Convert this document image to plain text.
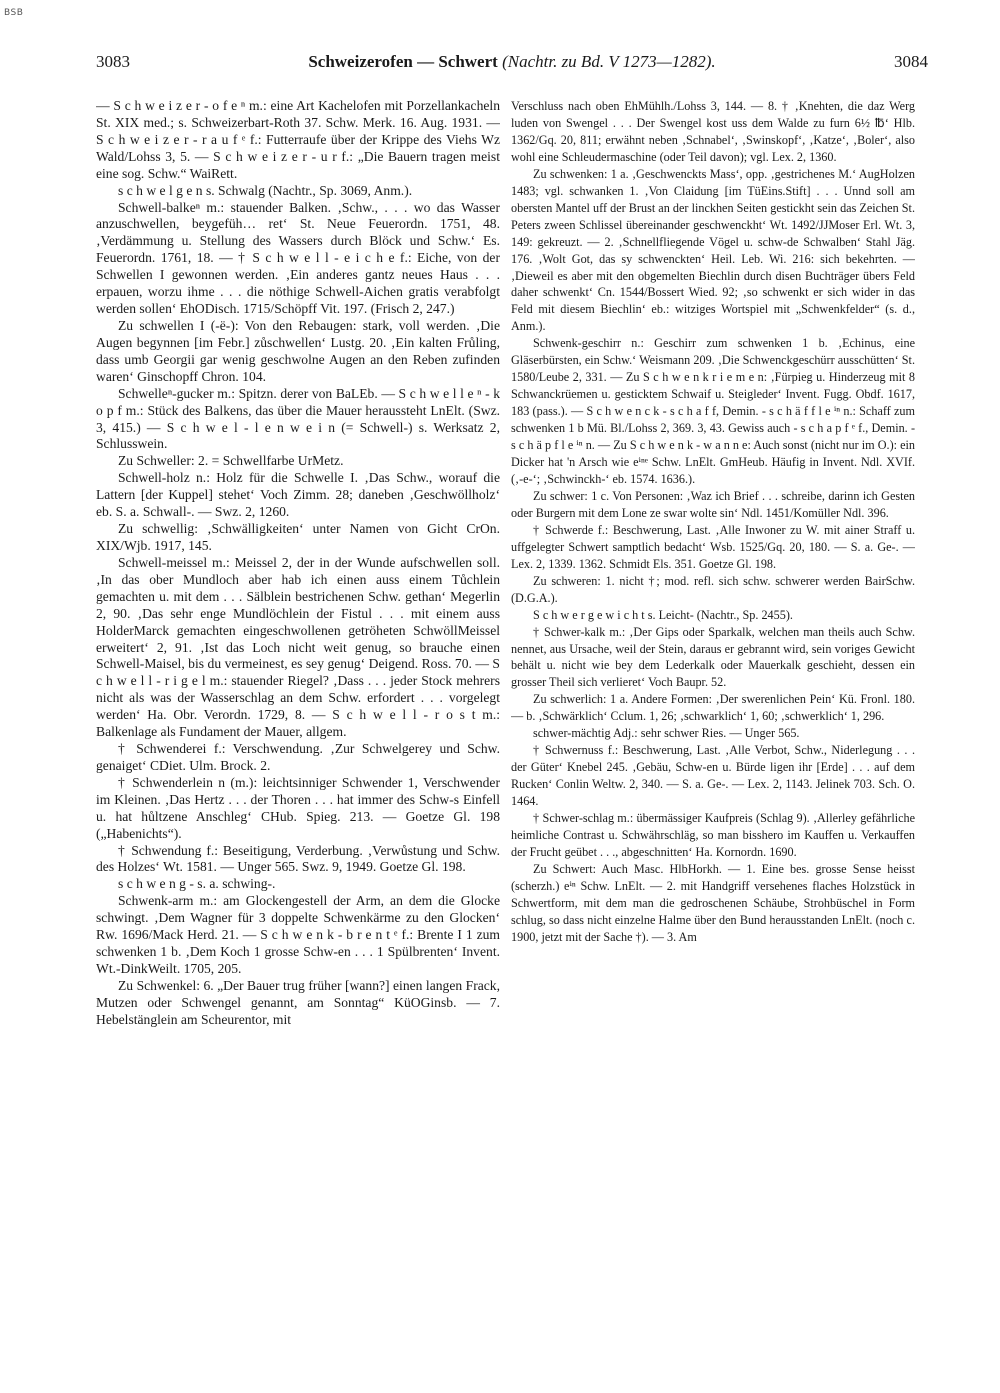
BSB
3083	Schweizerofen — Schwert (Nachtr. zu Bd. V 1273—1282).	3084

— S c h w e i z e r - o f e ⁿ m.: eine Art Kachelofen mit Porzellankacheln St. XIX med.; s. Schweizerbart-Roth 37. Schw. Merk. 16. Aug. 1931. — S c h w e i z e r - r a u f ᵉ f.: Futterraufe über der Krippe des Viehs Wz Wald/Lohss 3, 5. — S c h w e i z e r - u r f.: „Die Bauern tragen meist eine sog. Schw.“ WaiRett.

s c h w e l g e n s. Schwalg (Nachtr., Sp. 3069, Anm.).

Schwell-balkeⁿ m.: stauender Balken. ‚Schw., . . . wo das Wasser anzuschwellen, beygefüh… ret‘ St. Neue Feuerordn. 1751, 48. ‚Verdämmung u. Stellung des Wassers durch Blöck und Schw.‘ Es. Feuerordn. 1761, 18. — † S c h w e l l - e i c h e f.: Eiche, von der Schwellen I gewonnen werden. ‚Ein anderes gantz neues Haus . . . erpauen, worzu ihme . . . die nöthige Schwell-Aichen gratis verabfolgt werden sollen‘ EhODisch. 1715/Schöpff Vit. 197. (Frisch 2, 247.)

Zu schwellen I (-ë-): Von den Rebaugen: stark, voll werden. ‚Die Augen begynnen [im Febr.] zůschwellen‘ Lustg. 20. ‚Ein kalten Frůling, dass umb Georgii gar wenig geschwolne Augen an den Reben zufinden waren‘ Ginschopff Chron. 104.

Schwelleⁿ-gucker m.: Spitzn. derer von BaLEb. — S c h w e l l e ⁿ - k o p f m.: Stück des Balkens, das über die Mauer heraussteht LnElt. (Swz. 3, 415.) — S c h w e l - l e n w e i n (= Schwell-) s. Werksatz 2, Schlusswein.

Zu Schweller: 2. = Schwellfarbe UrMetz.

Schwell-holz n.: Holz für die Schwelle I. ‚Das Schw., worauf die Lattern [der Kuppel] stehet‘ Voch Zimm. 28; daneben ‚Geschwöllholz‘ eb. S. a. Schwall-. — Swz. 2, 1260.

Zu schwellig: ‚Schwälligkeiten‘ unter Namen von Gicht CrOn. XIX/Wjb. 1917, 145.

Schwell-meissel m.: Meissel 2, der in der Wunde aufschwellen soll. ‚In das ober Mundloch aber hab ich einen auss einem Tůchlein gemachten u. mit dem . . . Sälblein bestrichenen Schw. gethan‘ Megerlin 2, 90. ‚Das sehr enge Mundlöchlein der Fistul . . . mit einem auss HolderMarck gemachten eingeschwollenen getröheten SchwöllMeissel erweitert‘ 2, 91. ‚Ist das Loch nicht weit genug, so brauche einen Schwell-Maisel, bis du vermeinest, es sey genug‘ Deigend. Ross. 70. — S c h w e l l - r i g e l m.: stauender Riegel? ‚Dass . . . jeder Stock mehrers nicht als was der Wasserschlag an dem Schw. erfordert . . . vorgelegt werden‘ Ha. Obr. Verordn. 1729, 8. — S c h w e l l - r o s t m.: Balkenlage als Fundament der Mauer, allgem.

† Schwenderei f.: Verschwendung. ‚Zur Schwelgerey und Schw. genaiget‘ CDiet. Ulm. Brock. 2.

† Schwenderlein n (m.): leichtsinniger Schwender 1, Verschwender im Kleinen. ‚Das Hertz . . . der Thoren . . . hat immer des Schw-s Einfell u. hat hůltzene Anschleg‘ CHub. Spieg. 213. — Goetze Gl. 198 („Habenichts“).

† Schwendung f.: Beseitigung, Verderbung. ‚Verwůstung und Schw. des Holzes‘ Wt. 1581. — Unger 565. Swz. 9, 1949. Goetze Gl. 198.

s c h w e n g - s. a. schwing-.

Schwenk-arm m.: am Glockengestell der Arm, an dem die Glocke schwingt. ‚Dem Wagner für 3 doppelte Schwenkärme zu den Glocken‘ Rw. 1696/Mack Herd. 21. — S c h w e n k - b r e n t ᵉ f.: Brente I 1 zum schwenken 1 b. ‚Dem Koch 1 grosse Schw-en . . . 1 Spülbrenten‘ Invent. Wt.-DinkWeilt. 1705, 205.

Zu Schwenkel: 6. „Der Bauer trug früher [wann?] einen langen Frack, Mutzen oder Schwengel genannt, am Sonntag“ KüOGinsb. — 7. Hebelstänglein am Scheurentor, mit

Verschluss nach oben EhMühlh./Lohss 3, 144. — 8. † ‚Knehten, die daz Werg luden von Swengel . . . Der Swengel kost uss dem Walde zu furn 6½ ℔‘ Hlb. 1362/Gq. 20, 811; erwähnt neben ‚Schnabel‘, ‚Swinskopf‘, ‚Katze‘, ‚Boler‘, also wohl eine Schleudermaschine (oder Teil davon); vgl. Lex. 2, 1360.

Zu schwenken: 1 a. ‚Geschwenckts Mass‘, opp. ‚gestrichenes M.‘ AugHolzen 1483; vgl. schwanken 1. ‚Von Claidung [im TüEins.Stift] . . . Unnd soll am obersten Mantel uff der Brust an der linckhen Seiten gestickht sein das Zeichen St. Peters zween Schlissel übereinander geschwenckht‘ Wt. 1492/JJMoser Erl. Wt. 3, 149: gekreuzt. — 2. ‚Schnellfliegende Vögel u. schw-de Schwalben‘ Stahl Jäg. 176. ‚Wolt Got, das sy schwenckten‘ Heil. Leb. Wi. 216: sich bekehrten. — ‚Dieweil es aber mit den obgemelten Biechlin durch disen Buchträger übers Feld daher schwenkt‘ Cn. 1544/Bossert Wied. 92; ‚so schwenkt er sich wider in das Feld mit diesem Biechlin‘ eb.: witziges Wortspiel mit „Schwenkfelder“ (s. d., Anm.).

Schwenk-geschirr n.: Geschirr zum schwenken 1 b. ‚Echinus, eine Gläserbürsten, ein Schw.‘ Weismann 209. ‚Die Schwenckgeschürr ausschütten‘ St. 1580/Leube 2, 331. — Zu S c h w e n k r i e m e n: ‚Fürpieg u. Hinderzeug mit 8 Schwanckrüemen u. gesticktem Schwaif u. Steigleder‘ Invent. Fugg. Obdf. 1617, 183 (pass.). — S c h w e n c k - s c h a f f, Demin. - s c h ä f f l e ⁱⁿ n.: Schaff zum schwenken 1 b Mü. Bl./Lohss 2, 369. 3, 43. Gewiss auch - s c h a p f ᵉ f., Demin. - s c h ä p f l e ⁱⁿ n. — Zu S c h w e n k - w a n n e: Auch sonst (nicht nur im O.): ein Dicker hat 'n Arsch wie eⁱⁿᵉ Schw. LnElt. GmHeub. Häufig in Invent. Ndl. XVIf. (‚-e-‘; ‚Schwinckh-‘ eb. 1574. 1636.).

Zu schwer: 1 c. Von Personen: ‚Waz ich Brief . . . schreibe, darinn ich Gesten oder Burgern mit dem Lone ze swar wolte sin‘ Ndl. 1451/Komüller Ndl. 396.

† Schwerde f.: Beschwerung, Last. ‚Alle Inwoner zu W. mit ainer Straff u. uffgelegter Schwert samptlich bedacht‘ Wsb. 1525/Gq. 20, 180. — S. a. Ge-. — Lex. 2, 1339. 1362. Schmidt Els. 351. Goetze Gl. 198.

Zu schweren: 1. nicht †; mod. refl. sich schw. schwerer werden BairSchw. (D.G.A.).

S c h w e r g e w i c h t s. Leicht- (Nachtr., Sp. 2455).

† Schwer-kalk m.: ‚Der Gips oder Sparkalk, welchen man theils auch Schw. nennet, aus Ursache, weil der Stein, daraus er gebrannt wird, sein voriges Gewicht behält u. nicht wie bey dem Lederkalk oder Mauerkalk geschieht, dessen ein grosser Theil sich verlieret‘ Voch Baupr. 52.

Zu schwerlich: 1 a. Andere Formen: ‚Der swerenlichen Pein‘ Kü. Fronl. 180. — b. ‚Schwärklich‘ Cclum. 1, 26; ‚schwarklich‘ 1, 60; ‚schwerklich‘ 1, 296.

schwer-mächtig Adj.: sehr schwer Ries. — Unger 565.

† Schwernuss f.: Beschwerung, Last. ‚Alle Verbot, Schw., Niderlegung . . . der Güter‘ Knebel 245. ‚Gebäu, Schw-en u. Bürde ligen ihr [Erde] . . . auf dem Rucken‘ Conlin Weltw. 2, 340. — S. a. Ge-. — Lex. 2, 1143. Jelinek 703. Sch. O. 1464.

† Schwer-schlag m.: übermässiger Kaufpreis (Schlag 9). ‚Allerley gefährliche heimliche Contrast u. Schwährschläg, so man bisshero im Kauffen u. Verkauffen der Frucht geübet . . ., abgeschnitten‘ Ha. Kornordn. 1690.

Zu Schwert: Auch Masc. HlbHorkh. — 1. Eine bes. grosse Sense heisst (scherzh.) eⁱⁿ Schw. LnElt. — 2. mit Handgriff versehenes flaches Holzstück in Schwertform, mit dem man die gedroschenen Schäube, Strohbüschel in Form schlug, so dass nicht einzelne Halme über den Bund herausstanden LnElt. (noch c. 1900, jetzt mit der Sache †). — 3. Am
